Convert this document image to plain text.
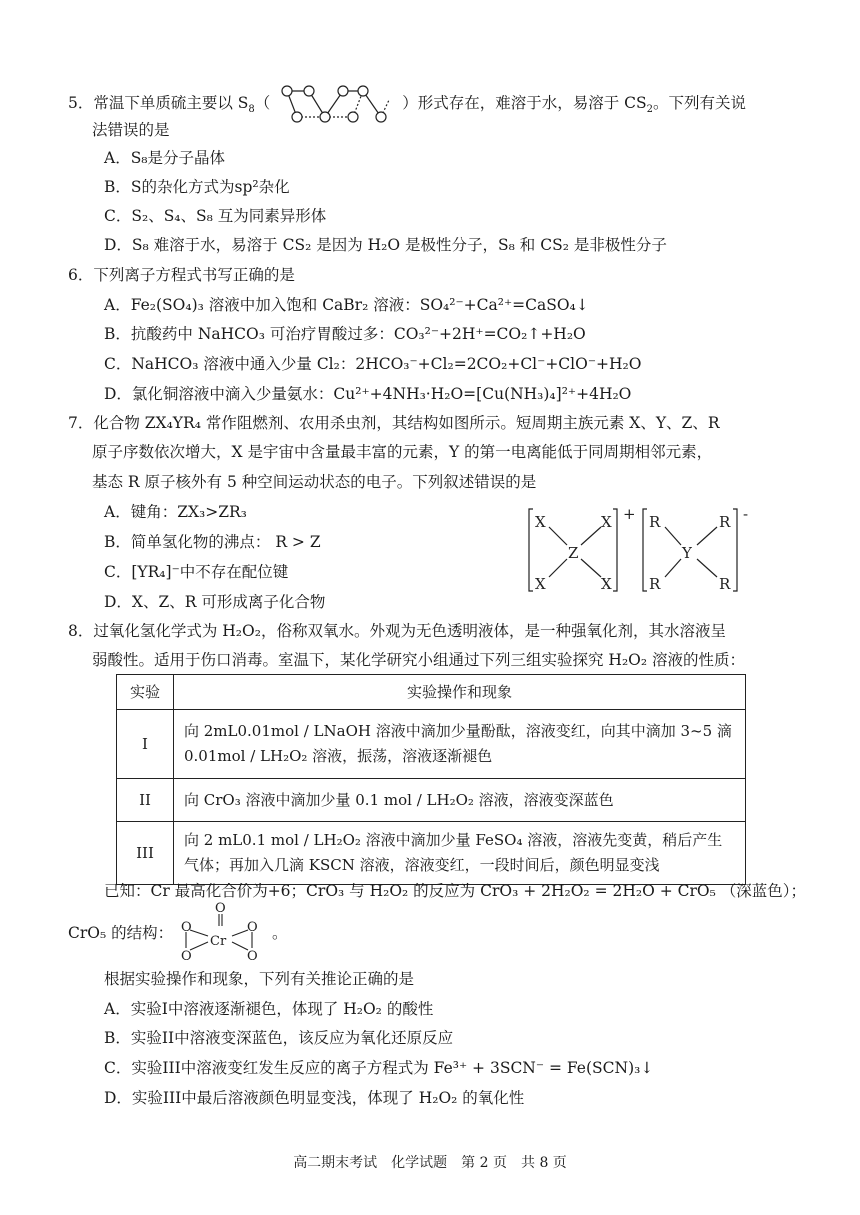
5．常温下单质硫主要以 $S_8$（	）形式存在，难溶于水，易溶于 $CS_2$。下列有关说
法错误的是
A．S₈是分子晶体
B．S的杂化方式为sp²杂化
C．S₂、S₄、S₈ 互为同素异形体
D．S₈ 难溶于水，易溶于 CS₂ 是因为 H₂O 是极性分子，S₈ 和 CS₂ 是非极性分子
6．下列离子方程式书写正确的是
A．Fe₂(SO₄)₃ 溶液中加入饱和 CaBr₂ 溶液：SO₄²⁻+Ca²⁺=CaSO₄↓
B．抗酸药中 NaHCO₃ 可治疗胃酸过多：CO₃²⁻+2H⁺=CO₂↑+H₂O
C．NaHCO₃ 溶液中通入少量 Cl₂：2HCO₃⁻+Cl₂=2CO₂+Cl⁻+ClO⁻+H₂O
D．氯化铜溶液中滴入少量氨水：Cu²⁺+4NH₃·H₂O=[Cu(NH₃)₄]²⁺+4H₂O
7．化合物 ZX₄YR₄ 常作阻燃剂、农用杀虫剂，其结构如图所示。短周期主族元素 X、Y、Z、R
原子序数依次增大，X 是宇宙中含量最丰富的元素，Y 的第一电离能低于同周期相邻元素，
基态 R 原子核外有 5 种空间运动状态的电子。下列叙述错误的是
A．键角：ZX₃>ZR₃
B．简单氢化物的沸点： R > Z
C．[YR₄]⁻中不存在配位键
D．X、Z、R 可形成离子化合物
X	X
X	X
Z
+ R	R
R	R
Y
-
8．过氧化氢化学式为 H₂O₂，俗称双氧水。外观为无色透明液体，是一种强氧化剂，其水溶液呈
弱酸性。适用于伤口消毒。室温下，某化学研究小组通过下列三组实验探究 H₂O₂ 溶液的性质：
实验	实验操作和现象
I	向 2mL0.01mol / LNaOH 溶液中滴加少量酚酞，溶液变红，向其中滴加 3~5 滴 0.01mol / LH₂O₂ 溶液，振荡，溶液逐渐褪色
II	向 CrO₃ 溶液中滴加少量 0.1 mol / LH₂O₂ 溶液，溶液变深蓝色
III	向 2 mL0.1 mol / LH₂O₂ 溶液中滴加少量 FeSO₄ 溶液，溶液先变黄，稍后产生气体；再加入几滴 KSCN 溶液，溶液变红，一段时间后，颜色明显变浅
已知：Cr 最高化合价为+6；CrO₃ 与 H₂O₂ 的反应为 CrO₃ + 2H₂O₂ = 2H₂O + CrO₅ （深蓝色）；
CrO₅ 的结构：
O
O
O
Cr
O
O
。
根据实验操作和现象，下列有关推论正确的是
A．实验I中溶液逐渐褪色，体现了 H₂O₂ 的酸性
B．实验II中溶液变深蓝色，该反应为氧化还原反应
C．实验III中溶液变红发生反应的离子方程式为 Fe³⁺ + 3SCN⁻ = Fe(SCN)₃↓
D．实验III中最后溶液颜色明显变浅，体现了 H₂O₂ 的氧化性
高二期末考试　化学试题　第 2 页　共 8 页
